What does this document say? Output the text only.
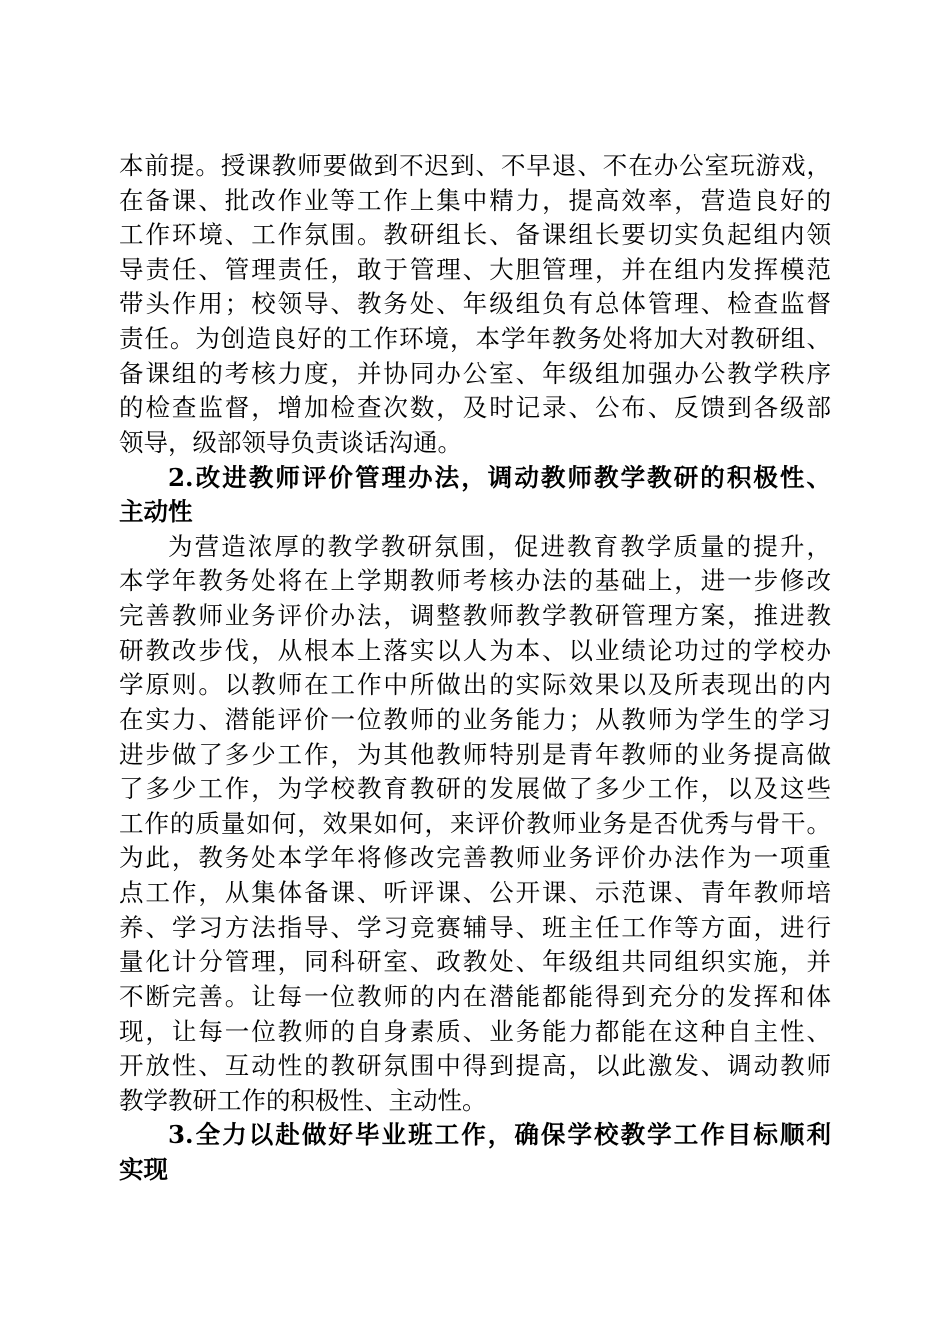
本前提。授课教师要做到不迟到、不早退、不在办公室玩游戏，
在备课、批改作业等工作上集中精力，提高效率，营造良好的
工作环境、工作氛围。教研组长、备课组长要切实负起组内领
导责任、管理责任，敢于管理、大胆管理，并在组内发挥模范
带头作用；校领导、教务处、年级组负有总体管理、检查监督
责任。为创造良好的工作环境，本学年教务处将加大对教研组、
备课组的考核力度，并协同办公室、年级组加强办公教学秩序
的检查监督，增加检查次数，及时记录、公布、反馈到各级部
领导，级部领导负责谈话沟通。
2.改进教师评价管理办法，调动教师教学教研的积极性、
主动性
为营造浓厚的教学教研氛围，促进教育教学质量的提升，
本学年教务处将在上学期教师考核办法的基础上，进一步修改
完善教师业务评价办法，调整教师教学教研管理方案，推进教
研教改步伐，从根本上落实以人为本、以业绩论功过的学校办
学原则。以教师在工作中所做出的实际效果以及所表现出的内
在实力、潜能评价一位教师的业务能力；从教师为学生的学习
进步做了多少工作，为其他教师特别是青年教师的业务提高做
了多少工作，为学校教育教研的发展做了多少工作，以及这些
工作的质量如何，效果如何，来评价教师业务是否优秀与骨干。
为此，教务处本学年将修改完善教师业务评价办法作为一项重
点工作，从集体备课、听评课、公开课、示范课、青年教师培
养、学习方法指导、学习竞赛辅导、班主任工作等方面，进行
量化计分管理，同科研室、政教处、年级组共同组织实施，并
不断完善。让每一位教师的内在潜能都能得到充分的发挥和体
现，让每一位教师的自身素质、业务能力都能在这种自主性、
开放性、互动性的教研氛围中得到提高，以此激发、调动教师
教学教研工作的积极性、主动性。
3.全力以赴做好毕业班工作，确保学校教学工作目标顺利
实现
